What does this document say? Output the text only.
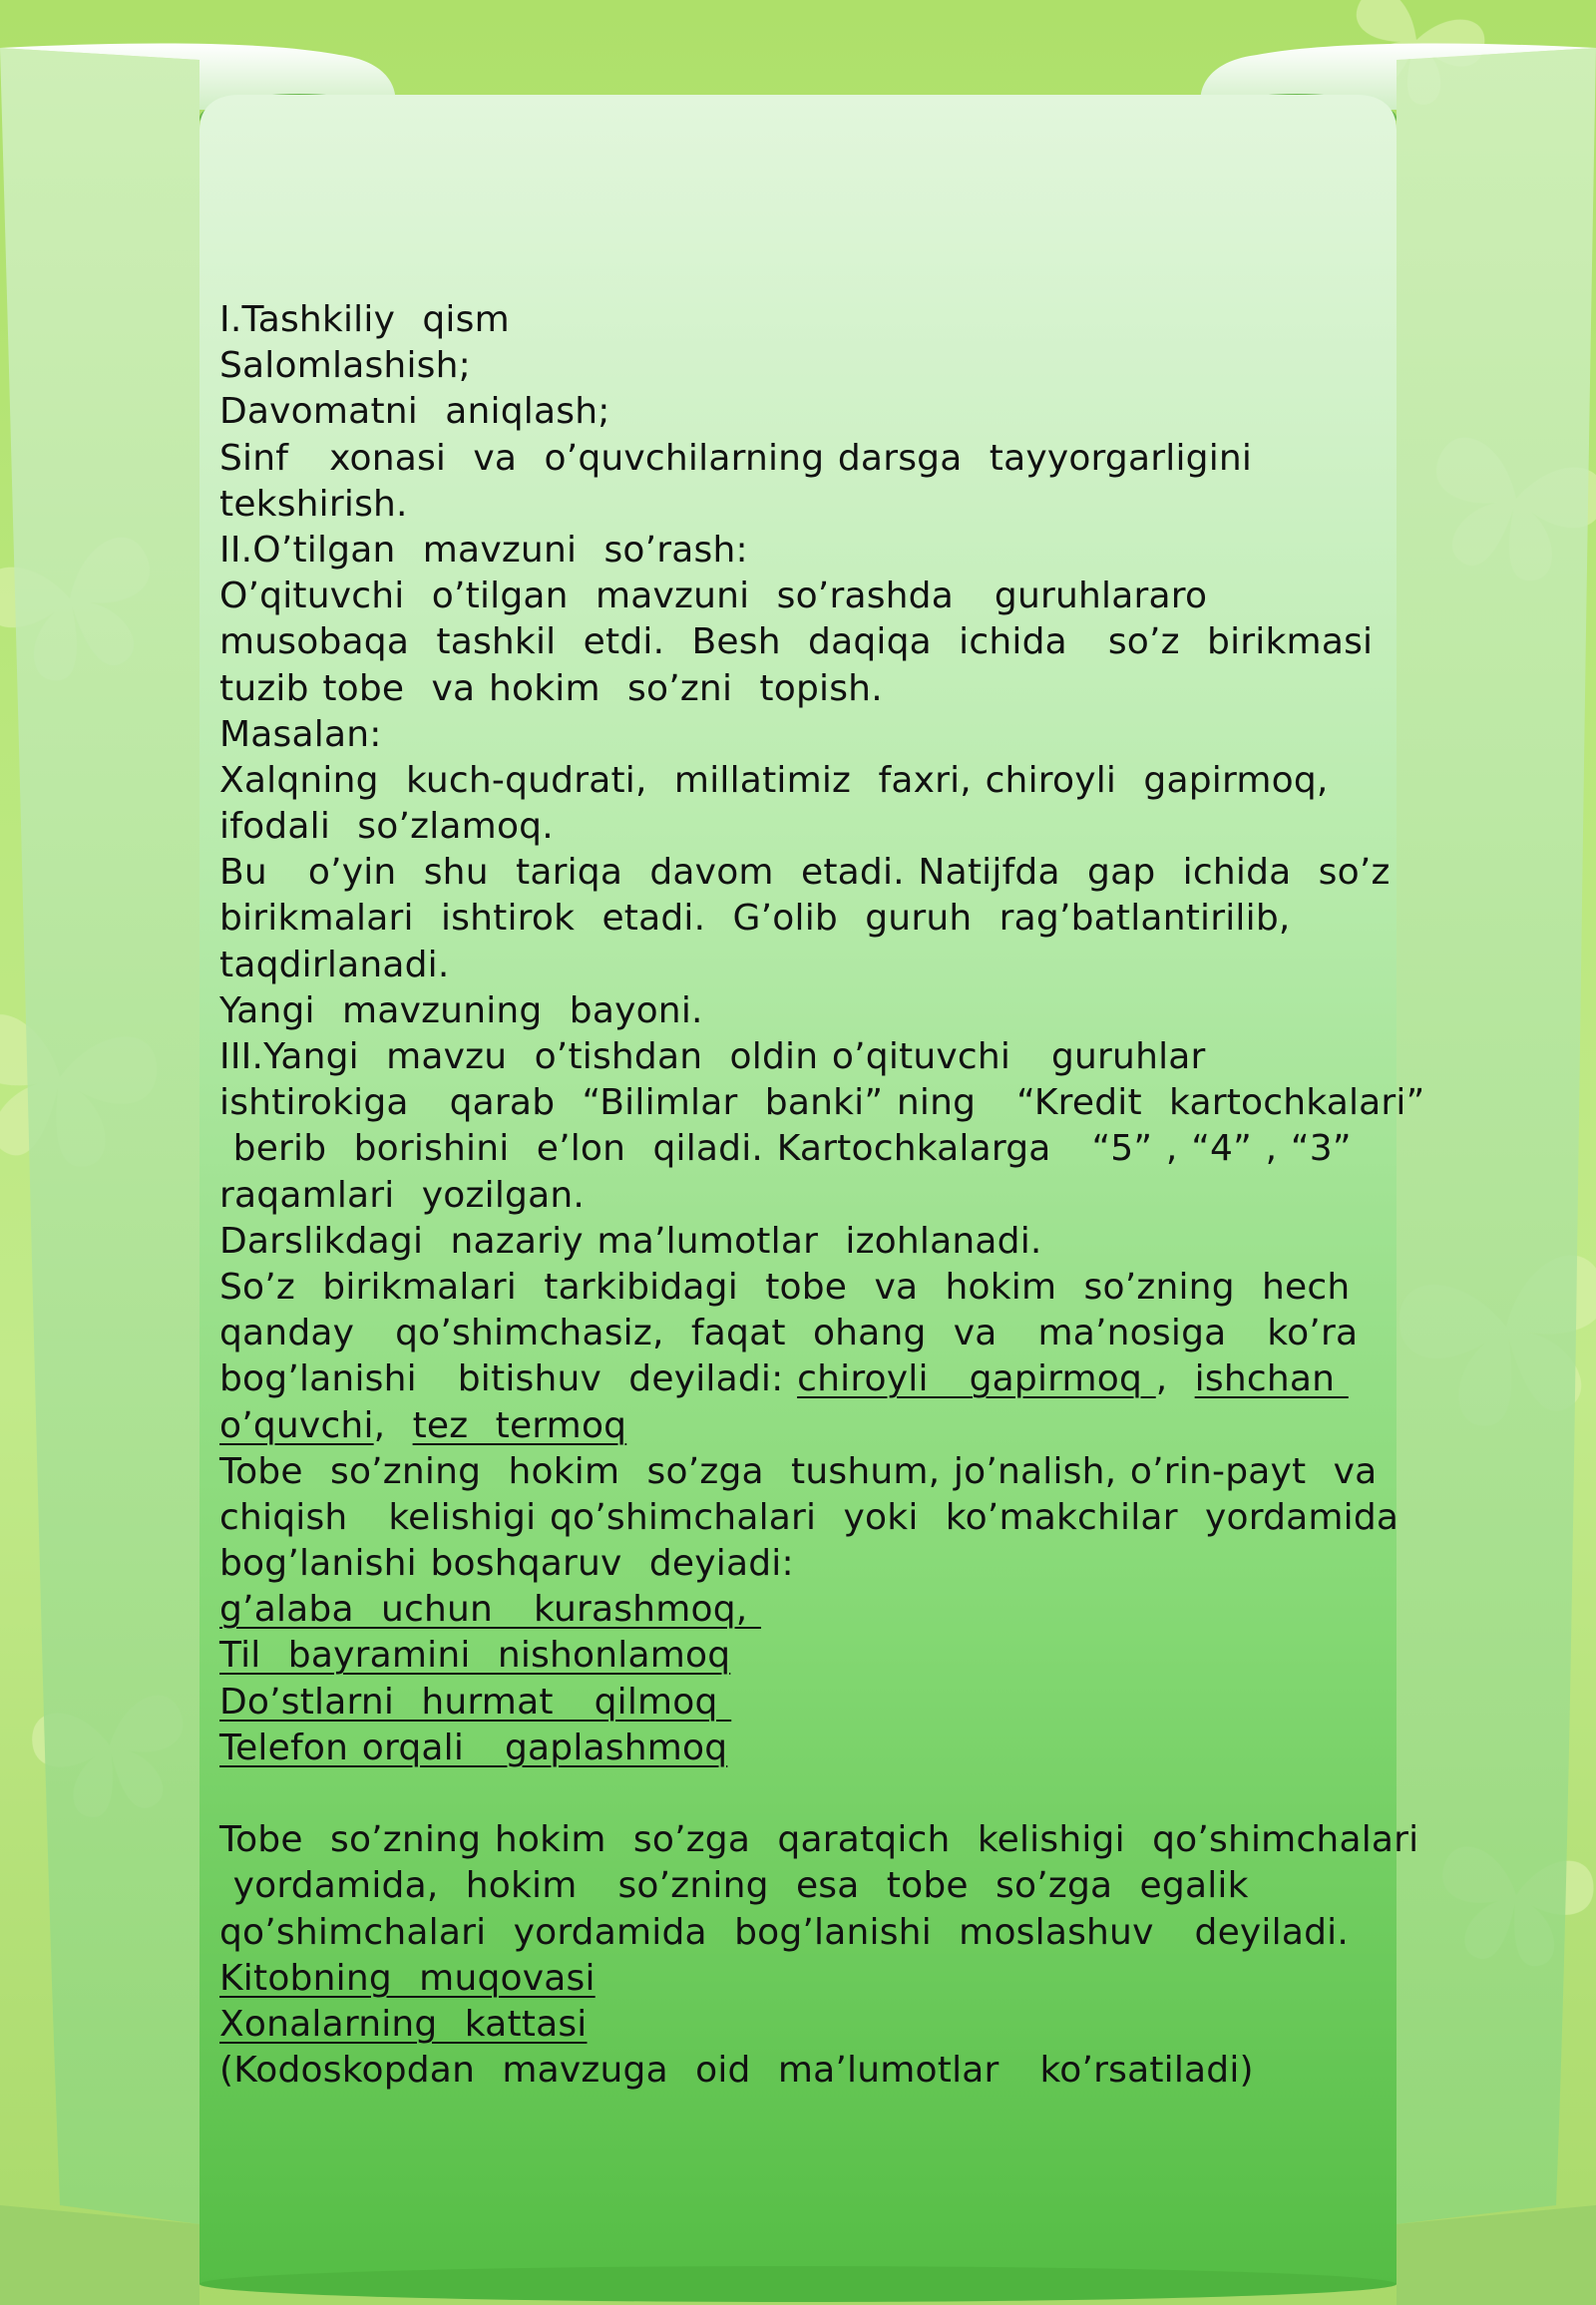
I.Tashkiliy  qism
Salomlashish;
Davomatni  aniqlash;
Sinf   xonasi  va  o’quvchilarning darsga  tayyorgarligini
tekshirish.
II.O’tilgan  mavzuni  so’rash:
O’qituvchi  o’tilgan  mavzuni  so’rashda   guruhlararo
musobaqa  tashkil  etdi.  Besh  daqiqa  ichida   so’z  birikmasi
tuzib tobe  va hokim  so’zni  topish.
Masalan:
Xalqning  kuch-qudrati,  millatimiz  faxri, chiroyli  gapirmoq,
ifodali  so’zlamoq.
Bu   o’yin  shu  tariqa  davom  etadi. Natijfda  gap  ichida  so’z
birikmalari  ishtirok  etadi.  G’olib  guruh  rag’batlantirilib,
taqdirlanadi.
Yangi  mavzuning  bayoni.
III.Yangi  mavzu  o’tishdan  oldin o’qituvchi   guruhlar
ishtirokiga   qarab  “Bilimlar  banki” ning   “Kredit  kartochkalari”
berib  borishini  e’lon  qiladi. Kartochkalarga   “5” , “4” , “3”
raqamlari  yozilgan.
Darslikdagi  nazariy ma’lumotlar  izohlanadi.
So’z  birikmalari  tarkibidagi  tobe  va  hokim  so’zning  hech
qanday   qo’shimchasiz,  faqat  ohang  va   ma’nosiga   ko’ra
bog’lanishi   bitishuv  deyiladi: chiroyli   gapirmoq ,  ishchan
o’quvchi,  tez  termoq
Tobe  so’zning  hokim  so’zga  tushum, jo’nalish, o’rin-payt  va
chiqish   kelishigi qo’shimchalari  yoki  ko’makchilar  yordamida
bog’lanishi boshqaruv  deyiadi:
g’alaba  uchun   kurashmoq,
Til  bayramini  nishonlamoq
Do’stlarni  hurmat   qilmoq
Telefon orqali   gaplashmoq
Tobe  so’zning hokim  so’zga  qaratqich  kelishigi  qo’shimchalari
yordamida,  hokim   so’zning  esa  tobe  so’zga  egalik
qo’shimchalari  yordamida  bog’lanishi  moslashuv   deyiladi.
Kitobning  muqovasi
Xonalarning  kattasi
(Kodoskopdan  mavzuga  oid  ma’lumotlar   ko’rsatiladi)
